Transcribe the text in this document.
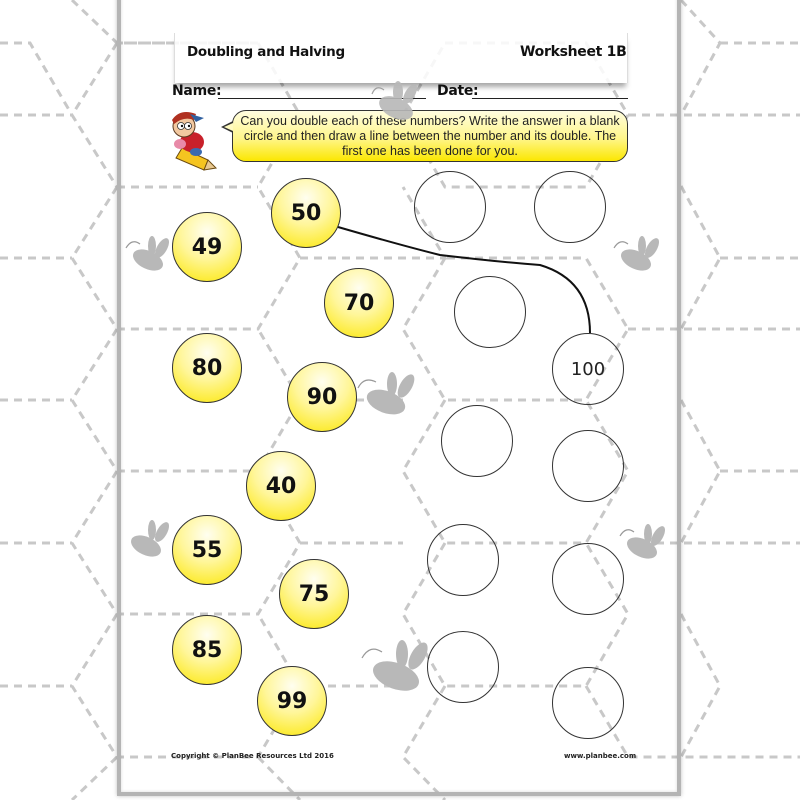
Doubling and Halving	Worksheet 1B
Name:	Date:
Can you double each of these numbers? Write the answer in a blank circle and then draw a line between the number and its double. The first one has been done for you.
50
49
70
80
90
40
55
75
85
99
100
Copyright © PlanBee Resources Ltd 2016	www.planbee.com
